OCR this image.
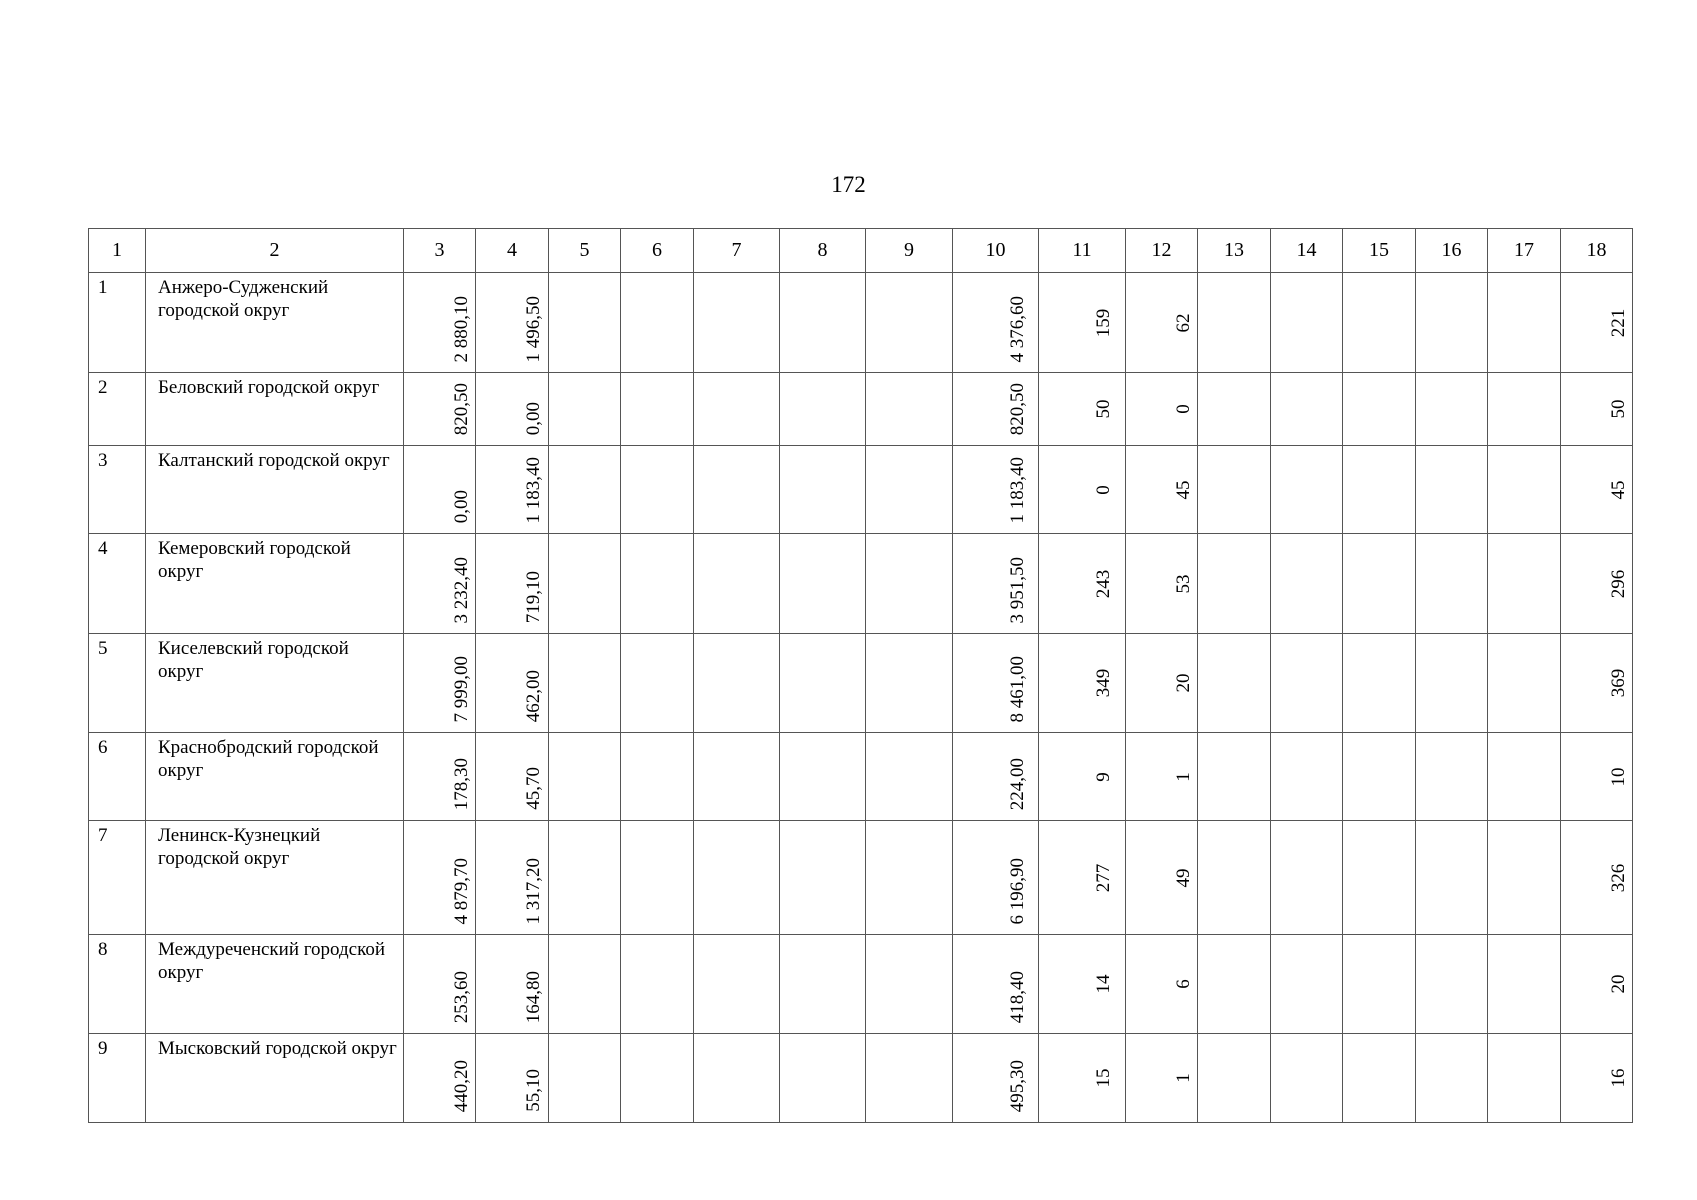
172
1	2	3	4	5	6	7	8	9	10	11	12	13	14	15	16	17	18
1	Анжеро-Судженский городской округ	2 880,10	1 496,50						4 376,60	159	62						221

2	Беловский городской округ	820,50	0,00						820,50	50	0						50

3	Калтанский городской округ	0,00	1 183,40						1 183,40	0	45						45

4	Кемеровский городской округ	3 232,40	719,10						3 951,50	243	53						296

5	Киселевский городской округ	7 999,00	462,00						8 461,00	349	20						369

6	Краснобродский городской округ	178,30	45,70						224,00	9	1						10

7	Ленинск-Кузнецкий городской округ	4 879,70	1 317,20						6 196,90	277	49						326

8	Междуреченский городской округ	253,60	164,80						418,40	14	6						20

9	Мысковский городской округ	440,20	55,10						495,30	15	1						16
